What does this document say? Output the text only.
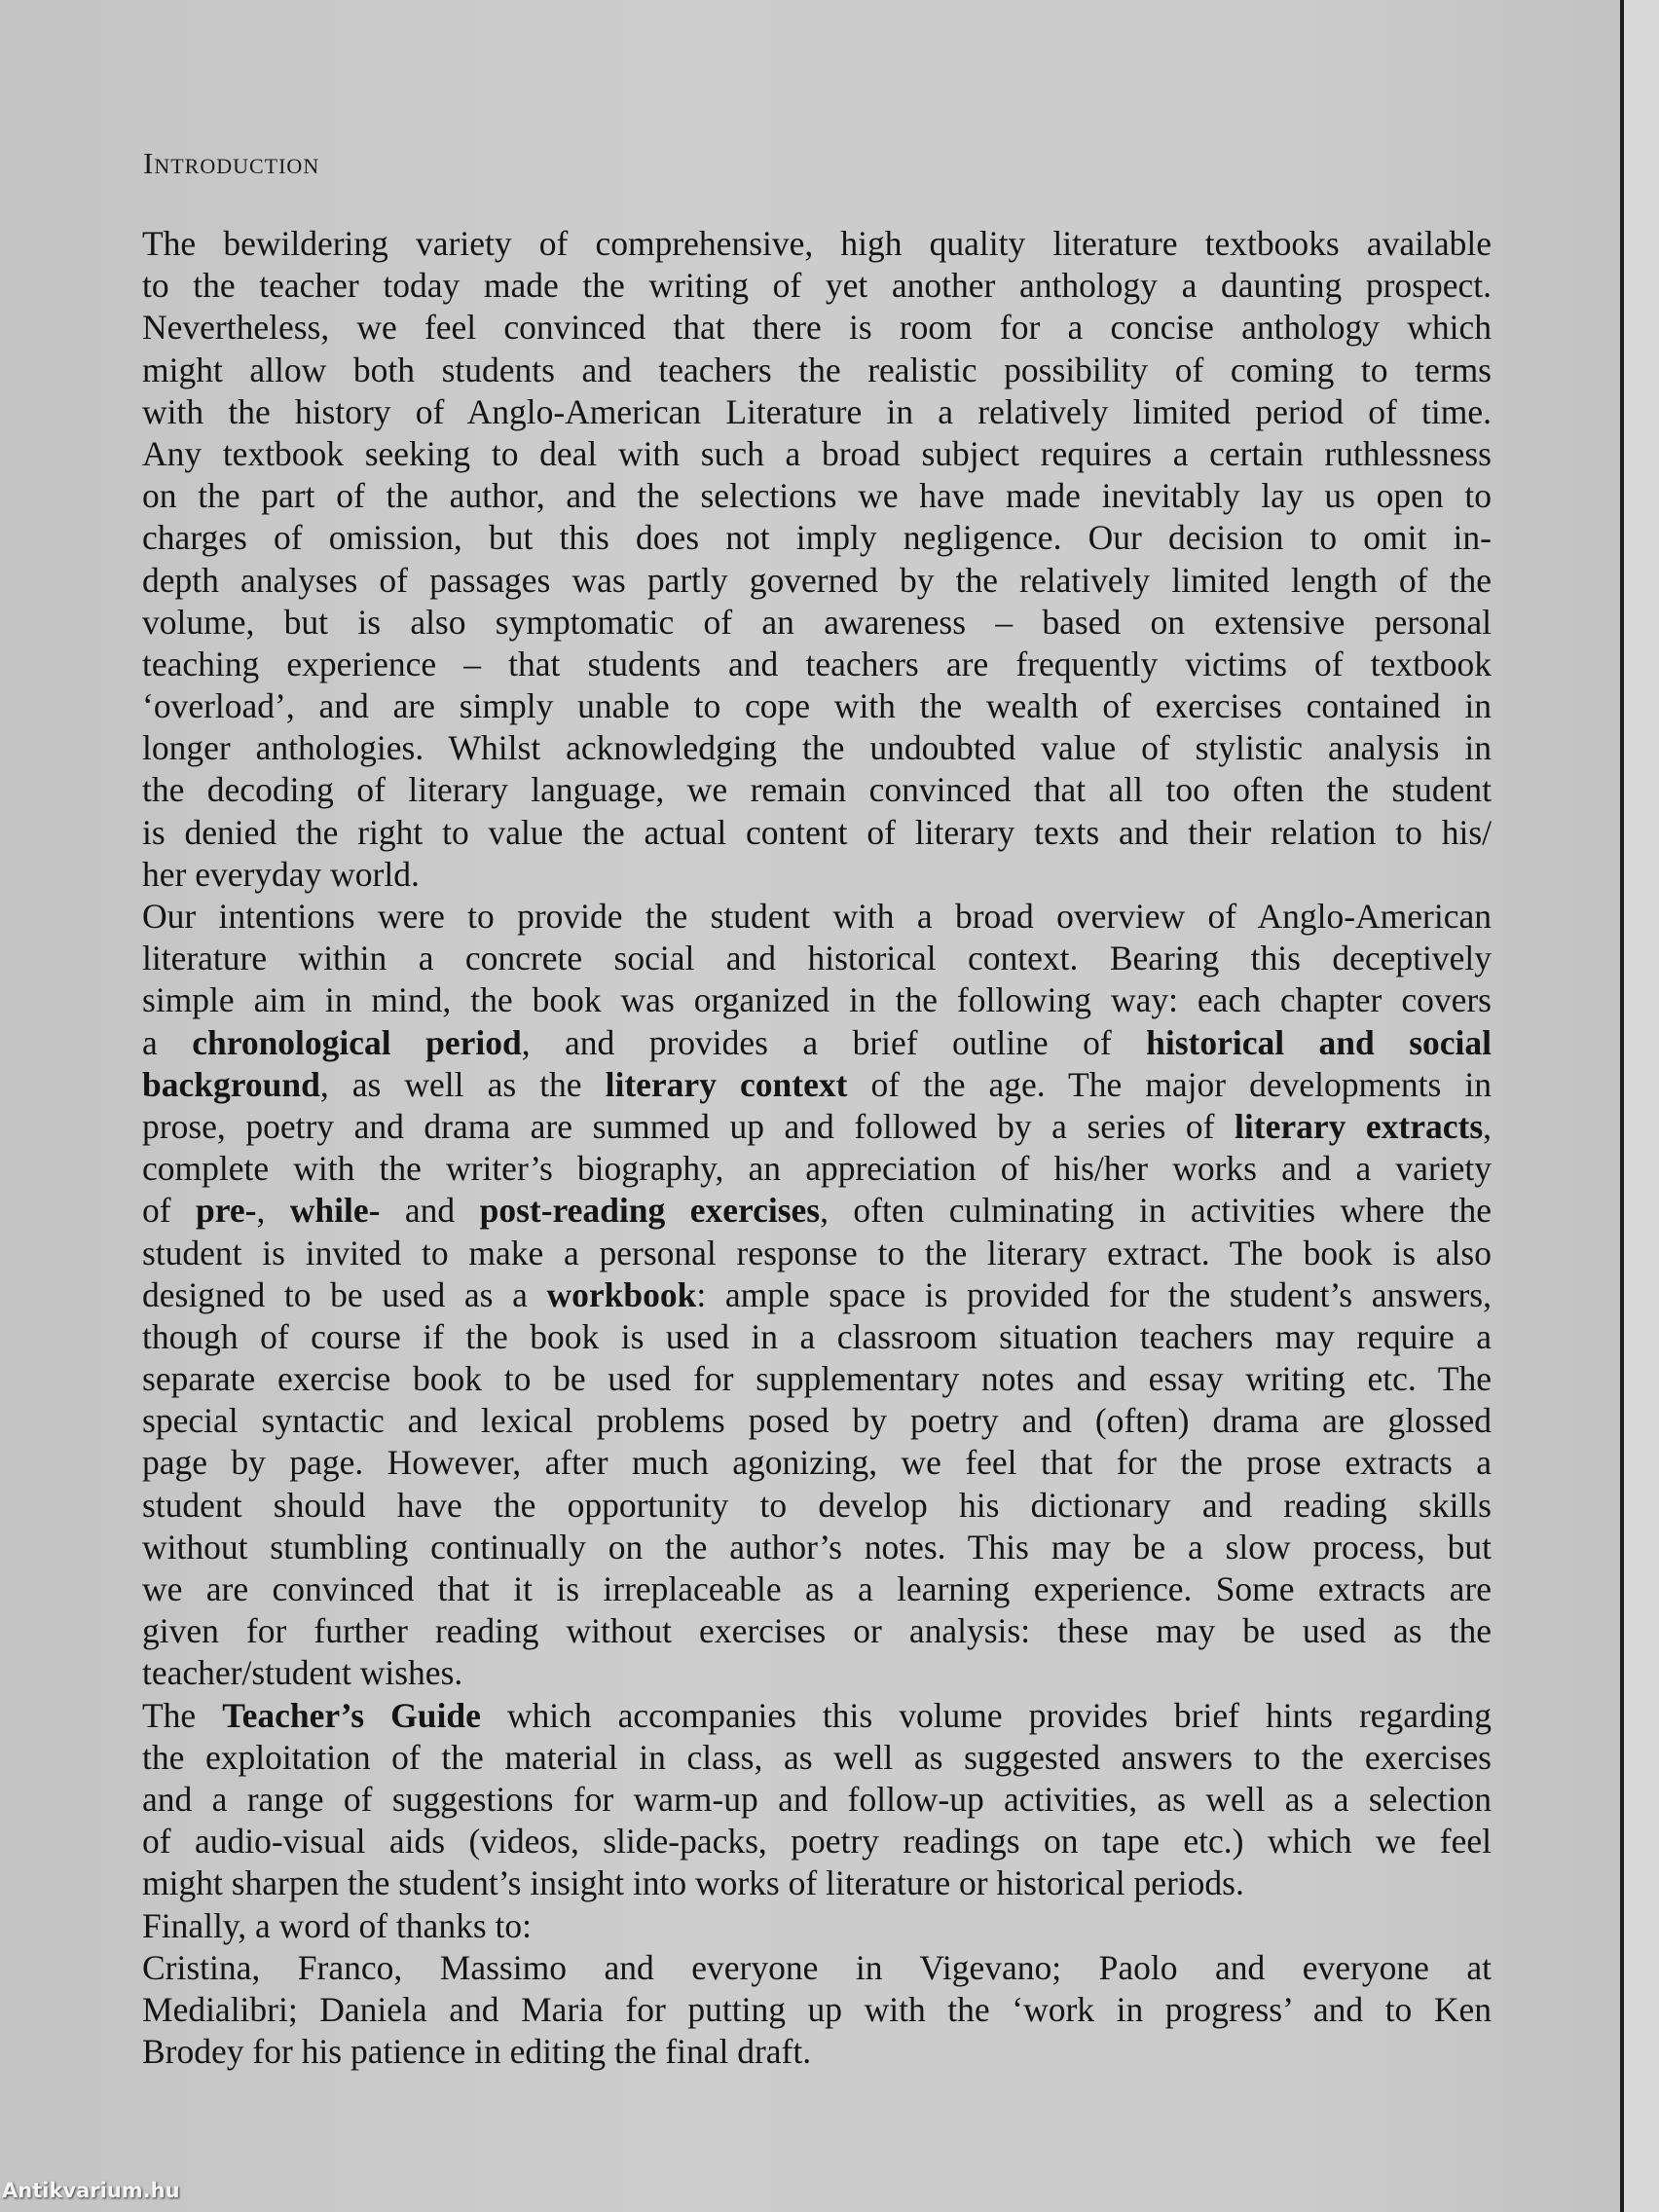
Introduction
The bewildering variety of comprehensive, high quality literature textbooks available
to the teacher today made the writing of yet another anthology a daunting prospect.
Nevertheless, we feel convinced that there is room for a concise anthology which
might allow both students and teachers the realistic possibility of coming to terms
with the history of Anglo-American Literature in a relatively limited period of time.
Any textbook seeking to deal with such a broad subject requires a certain ruthlessness
on the part of the author, and the selections we have made inevitably lay us open to
charges of omission, but this does not imply negligence. Our decision to omit in-
depth analyses of passages was partly governed by the relatively limited length of the
volume, but is also symptomatic of an awareness – based on extensive personal
teaching experience – that students and teachers are frequently victims of textbook
‘overload’, and are simply unable to cope with the wealth of exercises contained in
longer anthologies. Whilst acknowledging the undoubted value of stylistic analysis in
the decoding of literary language, we remain convinced that all too often the student
is denied the right to value the actual content of literary texts and their relation to his/
her everyday world.
Our intentions were to provide the student with a broad overview of Anglo-American
literature within a concrete social and historical context. Bearing this deceptively
simple aim in mind, the book was organized in the following way: each chapter covers
a chronological period, and provides a brief outline of historical and social
background, as well as the literary context of the age. The major developments in
prose, poetry and drama are summed up and followed by a series of literary extracts,
complete with the writer’s biography, an appreciation of his/her works and a variety
of pre-, while- and post-reading exercises, often culminating in activities where the
student is invited to make a personal response to the literary extract. The book is also
designed to be used as a workbook: ample space is provided for the student’s answers,
though of course if the book is used in a classroom situation teachers may require a
separate exercise book to be used for supplementary notes and essay writing etc. The
special syntactic and lexical problems posed by poetry and (often) drama are glossed
page by page. However, after much agonizing, we feel that for the prose extracts a
student should have the opportunity to develop his dictionary and reading skills
without stumbling continually on the author’s notes. This may be a slow process, but
we are convinced that it is irreplaceable as a learning experience. Some extracts are
given for further reading without exercises or analysis: these may be used as the
teacher/student wishes.
The Teacher’s Guide which accompanies this volume provides brief hints regarding
the exploitation of the material in class, as well as suggested answers to the exercises
and a range of suggestions for warm-up and follow-up activities, as well as a selection
of audio-visual aids (videos, slide-packs, poetry readings on tape etc.) which we feel
might sharpen the student’s insight into works of literature or historical periods.
Finally, a word of thanks to:
Cristina, Franco, Massimo and everyone in Vigevano; Paolo and everyone at
Medialibri; Daniela and Maria for putting up with the ‘work in progress’ and to Ken
Brodey for his patience in editing the final draft.
Antikvarium.hu
